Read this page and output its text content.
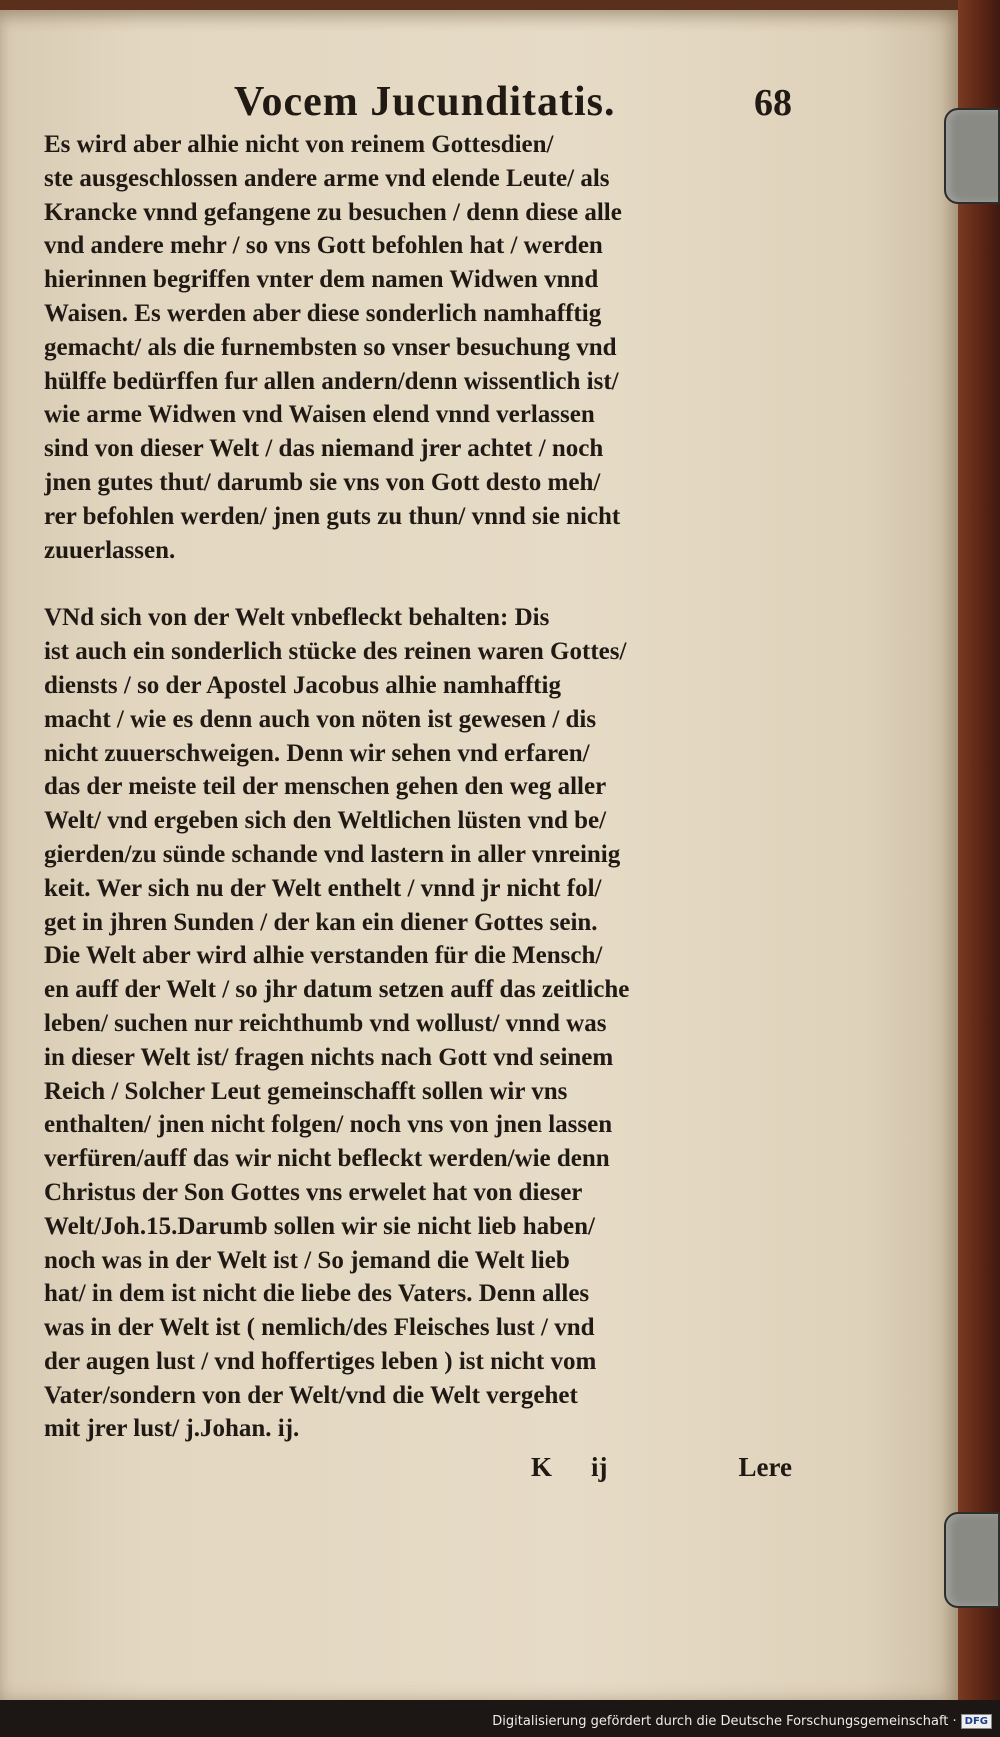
Vocem Jucunditatis.	68

Es wird aber alhie nicht von reinem Gottesdien/
ste ausgeschlossen andere arme vnd elende Leute/ als
Krancke vnnd gefangene zu besuchen / denn diese alle
vnd andere mehr / so vns Gott befohlen hat / werden
hierinnen begriffen vnter dem namen Widwen vnnd
Waisen. Es werden aber diese sonderlich namhafftig
gemacht/ als die furnembsten so vnser besuchung vnd
hülffe bedürffen fur allen andern/denn wissentlich ist/
wie arme Widwen vnd Waisen elend vnnd verlassen
sind von dieser Welt / das niemand jrer achtet / noch
jnen gutes thut/ darumb sie vns von Gott desto meh/
rer befohlen werden/ jnen guts zu thun/ vnnd sie nicht
zuuerlassen.

VNd sich von der Welt vnbefleckt behalten: Dis
ist auch ein sonderlich stücke des reinen waren Gottes/
diensts / so der Apostel Jacobus alhie namhafftig
macht / wie es denn auch von nöten ist gewesen / dis
nicht zuuerschweigen. Denn wir sehen vnd erfaren/
das der meiste teil der menschen gehen den weg aller
Welt/ vnd ergeben sich den Weltlichen lüsten vnd be/
gierden/zu sünde schande vnd lastern in aller vnreinig
keit. Wer sich nu der Welt enthelt / vnnd jr nicht fol/
get in jhren Sunden / der kan ein diener Gottes sein.
Die Welt aber wird alhie verstanden für die Mensch/
en auff der Welt / so jhr datum setzen auff das zeitliche
leben/ suchen nur reichthumb vnd wollust/ vnnd was
in dieser Welt ist/ fragen nichts nach Gott vnd seinem
Reich / Solcher Leut gemeinschafft sollen wir vns
enthalten/ jnen nicht folgen/ noch vns von jnen lassen
verfüren/auff das wir nicht befleckt werden/wie denn
Christus der Son Gottes vns erwelet hat von dieser
Welt/Joh.15.Darumb sollen wir sie nicht lieb haben/
noch was in der Welt ist / So jemand die Welt lieb
hat/ in dem ist nicht die liebe des Vaters. Denn alles
was in der Welt ist ( nemlich/des Fleisches lust / vnd
der augen lust / vnd hoffertiges leben ) ist nicht vom
Vater/sondern von der Welt/vnd die Welt vergehet
mit jrer lust/ j.Johan. ij.

K ij	Lere
Digitalisierung gefördert durch die Deutsche Forschungsgemeinschaft · DFG
